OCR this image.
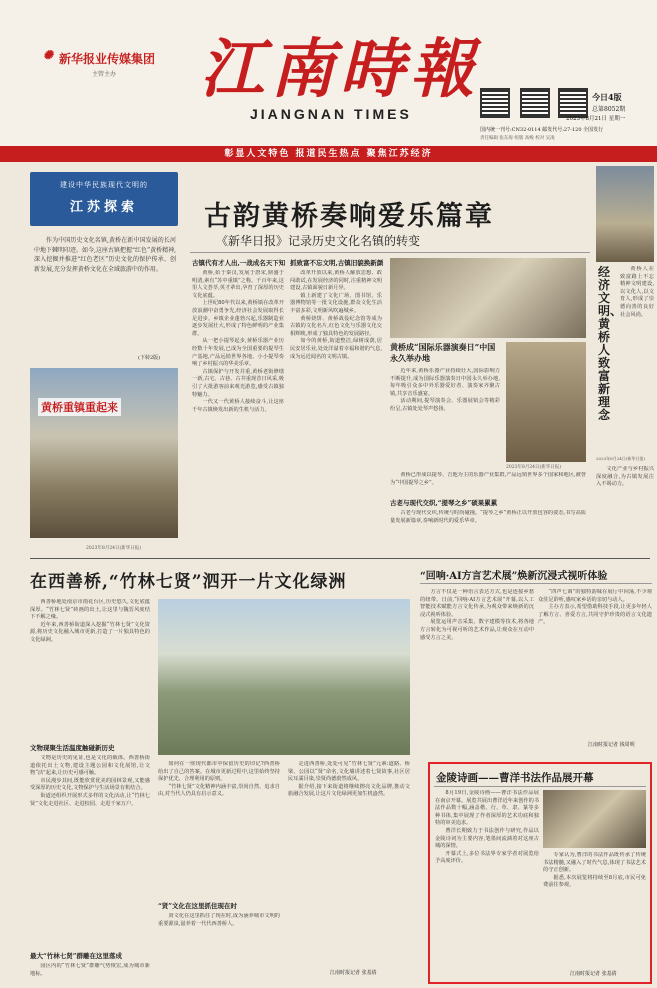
✺ 新华报业传媒集团
主管主办 江南時報
JIANGNAN TIMES
今日4版
总第8052期
2023年8月21日 星期一
国内统一刊号:CN32-0114 邮发代号:27-120 全国发行
责任编辑 张东海 组版 高峻 校对 吴凌
彰显人文特色 报道民生热点 聚焦江苏经济
建设中华民族现代文明的
江苏探索

作为中国历史文化名镇,黄桥在新中国发展的长河中地下棘明印迹。如今,这座古镇把握“红色”黄桥精神,深入挖掘并推进“红色老区”历史文化的保护传承、创新发展,充分发挥黄桥文化在全域旅游中的作用。

(下转2版)
黄桥重镇重起来
2023年8月24日(新华日报)
古韵黄桥奏响爱乐篇章
《新华日报》记录历史文化名镇的转变
古镇代有才人出,一战成名天下知

黄桥,始于秦汉,发展于唐宋,鼎盛于明清,素有“苏中重镇”之称。千百年来,这里人文荟萃,英才辈出,孕育了深厚的历史文化底蕴。

上世纪80年代以来,黄桥镇在改革开放浪潮中奋勇争先,经济社会发展取得长足进步。乡镇企业蓬勃兴起,乐器制造业逐步发展壮大,形成了特色鲜明的产业集群。

从一把小提琴起步,黄桥乐器产业历经数十年发展,已成为全国重要的提琴生产基地,产品远销世界各地。小小提琴奏响了乡村振兴的华美乐章。

古镇保护与开发并重,黄桥老街修缮一新,古宅、古巷、古井重现昔日风采,吸引了大批游客前来观光游览,感受古镇独特魅力。

一代又一代黄桥人接续奋斗,让这座千年古镇焕发出新的生机与活力。

抓致富不忘文明,古镇旧貌换新颜

改革开放以来,黄桥人解放思想、敢闯敢试,在发展经济的同时,注重精神文明建设,古镇面貌日新月异。

镇上新建了文化广场、图书馆、乐器博物馆等一批文化设施,群众文化生活丰富多彩,文明新风吹遍城乡。

黄桥烧饼、黄桥战役纪念馆等成为古镇的文化名片,红色文化与乐器文化交相辉映,形成了独具特色的发展路径。

如今的黄桥,街道整洁,绿树成荫,居民安居乐业,处处洋溢着幸福和谐的气息,成为远近闻名的文明古镇。

黄桥成“国际乐器演奏日”中国永久举办地

近年来,黄桥乐器产业持续壮大,国际影响力不断提升,成为国际乐器演奏日中国永久举办地,每年吸引众多中外乐器爱好者、演奏家齐聚古镇,共享音乐盛宴。

活动期间,提琴演奏会、乐器展销会等精彩纷呈,古镇处处琴声悠扬。

2023年8月24日(新华日报)

黄桥已形成以提琴、吉他为主的乐器产业集群,产品远销世界多个国家和地区,被誉为“中国提琴之乡”。

古老与现代交织,“提琴之乡”硕果累累

古老与现代交织,传统与时尚碰撞。“提琴之乡”黄桥正以开放包容的姿态,书写高质量发展新篇章,奏响新时代的爱乐华章。

经济文明、黄桥人致富新理念

黄桥人在致富路上不忘精神文明建设,以文化人,以文育人,形成了崇德向善的良好社会风尚。

2023年8月24日(新华日报)

文化产业与乡村振兴深度融合,为古镇发展注入不竭动力。

在西善桥,“竹林七贤”泗开一片文化绿洲

西善桥地处南京市雨花台区,历史悠久,文化底蕴深厚。“竹林七贤”砖画的出土,让这里与魏晋风度结下不解之缘。

近年来,西善桥街道深入挖掘“竹林七贤”文化资源,将历史文化融入城市更新,打造了一片独具特色的文化绿洲。

文物现聚生活温度触碰新历史

文物是历史的见证,也是文化的载体。西善桥街道依托出土文物,建设主题公园和文化展馆,让文物“活”起来,让历史可感可触。

市民漫步其间,既能欣赏优美的园林景观,又能感受深厚的历史文化,文物保护与生活场景有机结合。

街道还组织开展形式多样的文化活动,让“竹林七贤”文化走进社区、走进校园、走进千家万户。

最大“竹林七贤”群雕在这里落成

园区内的“竹林七贤”群雕气势恢宏,成为城市新地标。

如何在一座现代都市中保留历史的印记?西善桥给出了自己的答案。在城市更新过程中,这里始终坚持保护优先、合理利用的原则。

“竹林七贤”文化精神内涵丰富,崇尚自然、追求自由,对当代人仍具有启示意义。

“贤”文化在这里抓住现在时

贤文化在这里抓住了现在时,成为涵养城市文明的重要源泉,滋养着一代代西善桥人。

走进西善桥,处处可见“竹林七贤”元素:道路、桥梁、公园以“贤”命名,文化墙讲述着七贤故事,社区居民耳濡目染,崇贤尚德蔚然成风。

据介绍,接下来街道将继续擦亮文化品牌,推动文旅融合发展,让这片文化绿洲更加生机盎然。

江南时报记者 张基倩
“回响·AI方言艺术展”焕新沉浸式视听体验

方言不仅是一种语言表达方式,也是连接乡愁的纽带。日前,“回响·AI方言艺术展”开幕,以人工智能技术赋能方言文化传承,为观众带来焕新的沉浸式视听体验。

展览运用声音采集、数字建模等技术,将各地方言转化为可视可听的艺术作品,让观众在互动中感受方言之美。

“四声七调”的独特韵味在展厅中回荡,不少观众驻足聆听,感叹家乡话的亲切与动人。

主办方表示,希望借助科技手段,让更多年轻人了解方言、喜爱方言,共同守护珍贵的语言文化遗产。

江南时报记者 钱周明
金陵诗画——曹洋书法作品展开幕

8月19日,金陵诗画——曹洋书法作品展在南京开幕。展览共展出曹洋近年来创作的书法作品数十幅,涵盖楷、行、草、隶、篆等多种书体,集中展现了作者深厚的艺术功底和独特的审美追求。

曹洋长期致力于书法创作与研究,作品以金陵诗词为主要内容,笔墨间流淌着对这座古城的深情。

开幕式上,多位书法界专家学者对展览给予高度评价。

专家认为,曹洋的书法作品既传承了传统书法精髓,又融入了时代气息,体现了书法艺术的守正创新。

据悉,本次展览将持续至8月底,市民可免费前往参观。

江南时报记者 张基倩
